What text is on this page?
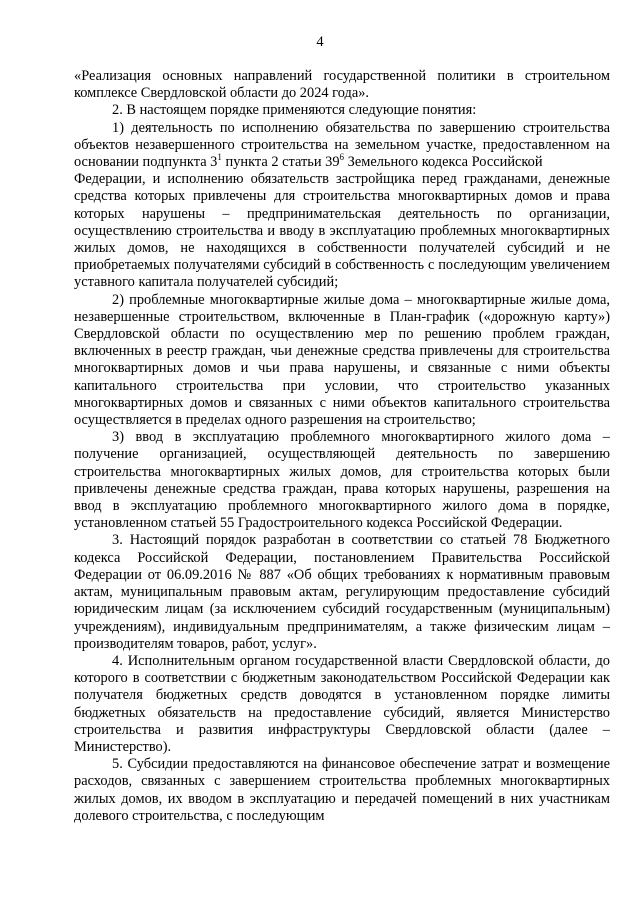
4

«Реализация основных направлений государственной политики в строительном комплексе Свердловской области до 2024 года».

2. В настоящем порядке применяются следующие понятия:

1) деятельность по исполнению обязательства по завершению строительства объектов незавершенного строительства на земельном участке, предоставленном на основании подпункта $3^1$ пункта 2 статьи $39^6$ Земельного кодекса Российской

Федерации, и исполнению обязательств застройщика перед гражданами, денежные средства которых привлечены для строительства многоквартирных домов и права которых нарушены – предпринимательская деятельность по организации, осуществлению строительства и вводу в эксплуатацию проблемных многоквартирных жилых домов, не находящихся в собственности получателей субсидий и не приобретаемых получателями субсидий в собственность с последующим увеличением уставного капитала получателей субсидий;

2) проблемные многоквартирные жилые дома – многоквартирные жилые дома, незавершенные строительством, включенные в План-график («дорожную карту») Свердловской области по осуществлению мер по решению проблем граждан, включенных в реестр граждан, чьи денежные средства привлечены для строительства многоквартирных домов и чьи права нарушены, и связанные с ними объекты капитального строительства при условии, что строительство указанных многоквартирных домов и связанных с ними объектов капитального строительства осуществляется в пределах одного разрешения на строительство;

3) ввод в эксплуатацию проблемного многоквартирного жилого дома – получение организацией, осуществляющей деятельность по завершению строительства многоквартирных жилых домов, для строительства которых были привлечены денежные средства граждан, права которых нарушены, разрешения на ввод в эксплуатацию проблемного многоквартирного жилого дома в порядке, установленном статьей 55 Градостроительного кодекса Российской Федерации.

3. Настоящий порядок разработан в соответствии со статьей 78 Бюджетного кодекса Российской Федерации, постановлением Правительства Российской Федерации от 06.09.2016 № 887 «Об общих требованиях к нормативным правовым актам, муниципальным правовым актам, регулирующим предоставление субсидий юридическим лицам (за исключением субсидий государственным (муниципальным) учреждениям), индивидуальным предпринимателям, а также физическим лицам – производителям товаров, работ, услуг».

4. Исполнительным органом государственной власти Свердловской области, до которого в соответствии с бюджетным законодательством Российской Федерации как получателя бюджетных средств доводятся в установленном порядке лимиты бюджетных обязательств на предоставление субсидий, является Министерство строительства и развития инфраструктуры Свердловской области (далее – Министерство).

5. Субсидии предоставляются на финансовое обеспечение затрат и возмещение расходов, связанных с завершением строительства проблемных многоквартирных жилых домов, их вводом в эксплуатацию и передачей помещений в них участникам долевого строительства, с последующим
